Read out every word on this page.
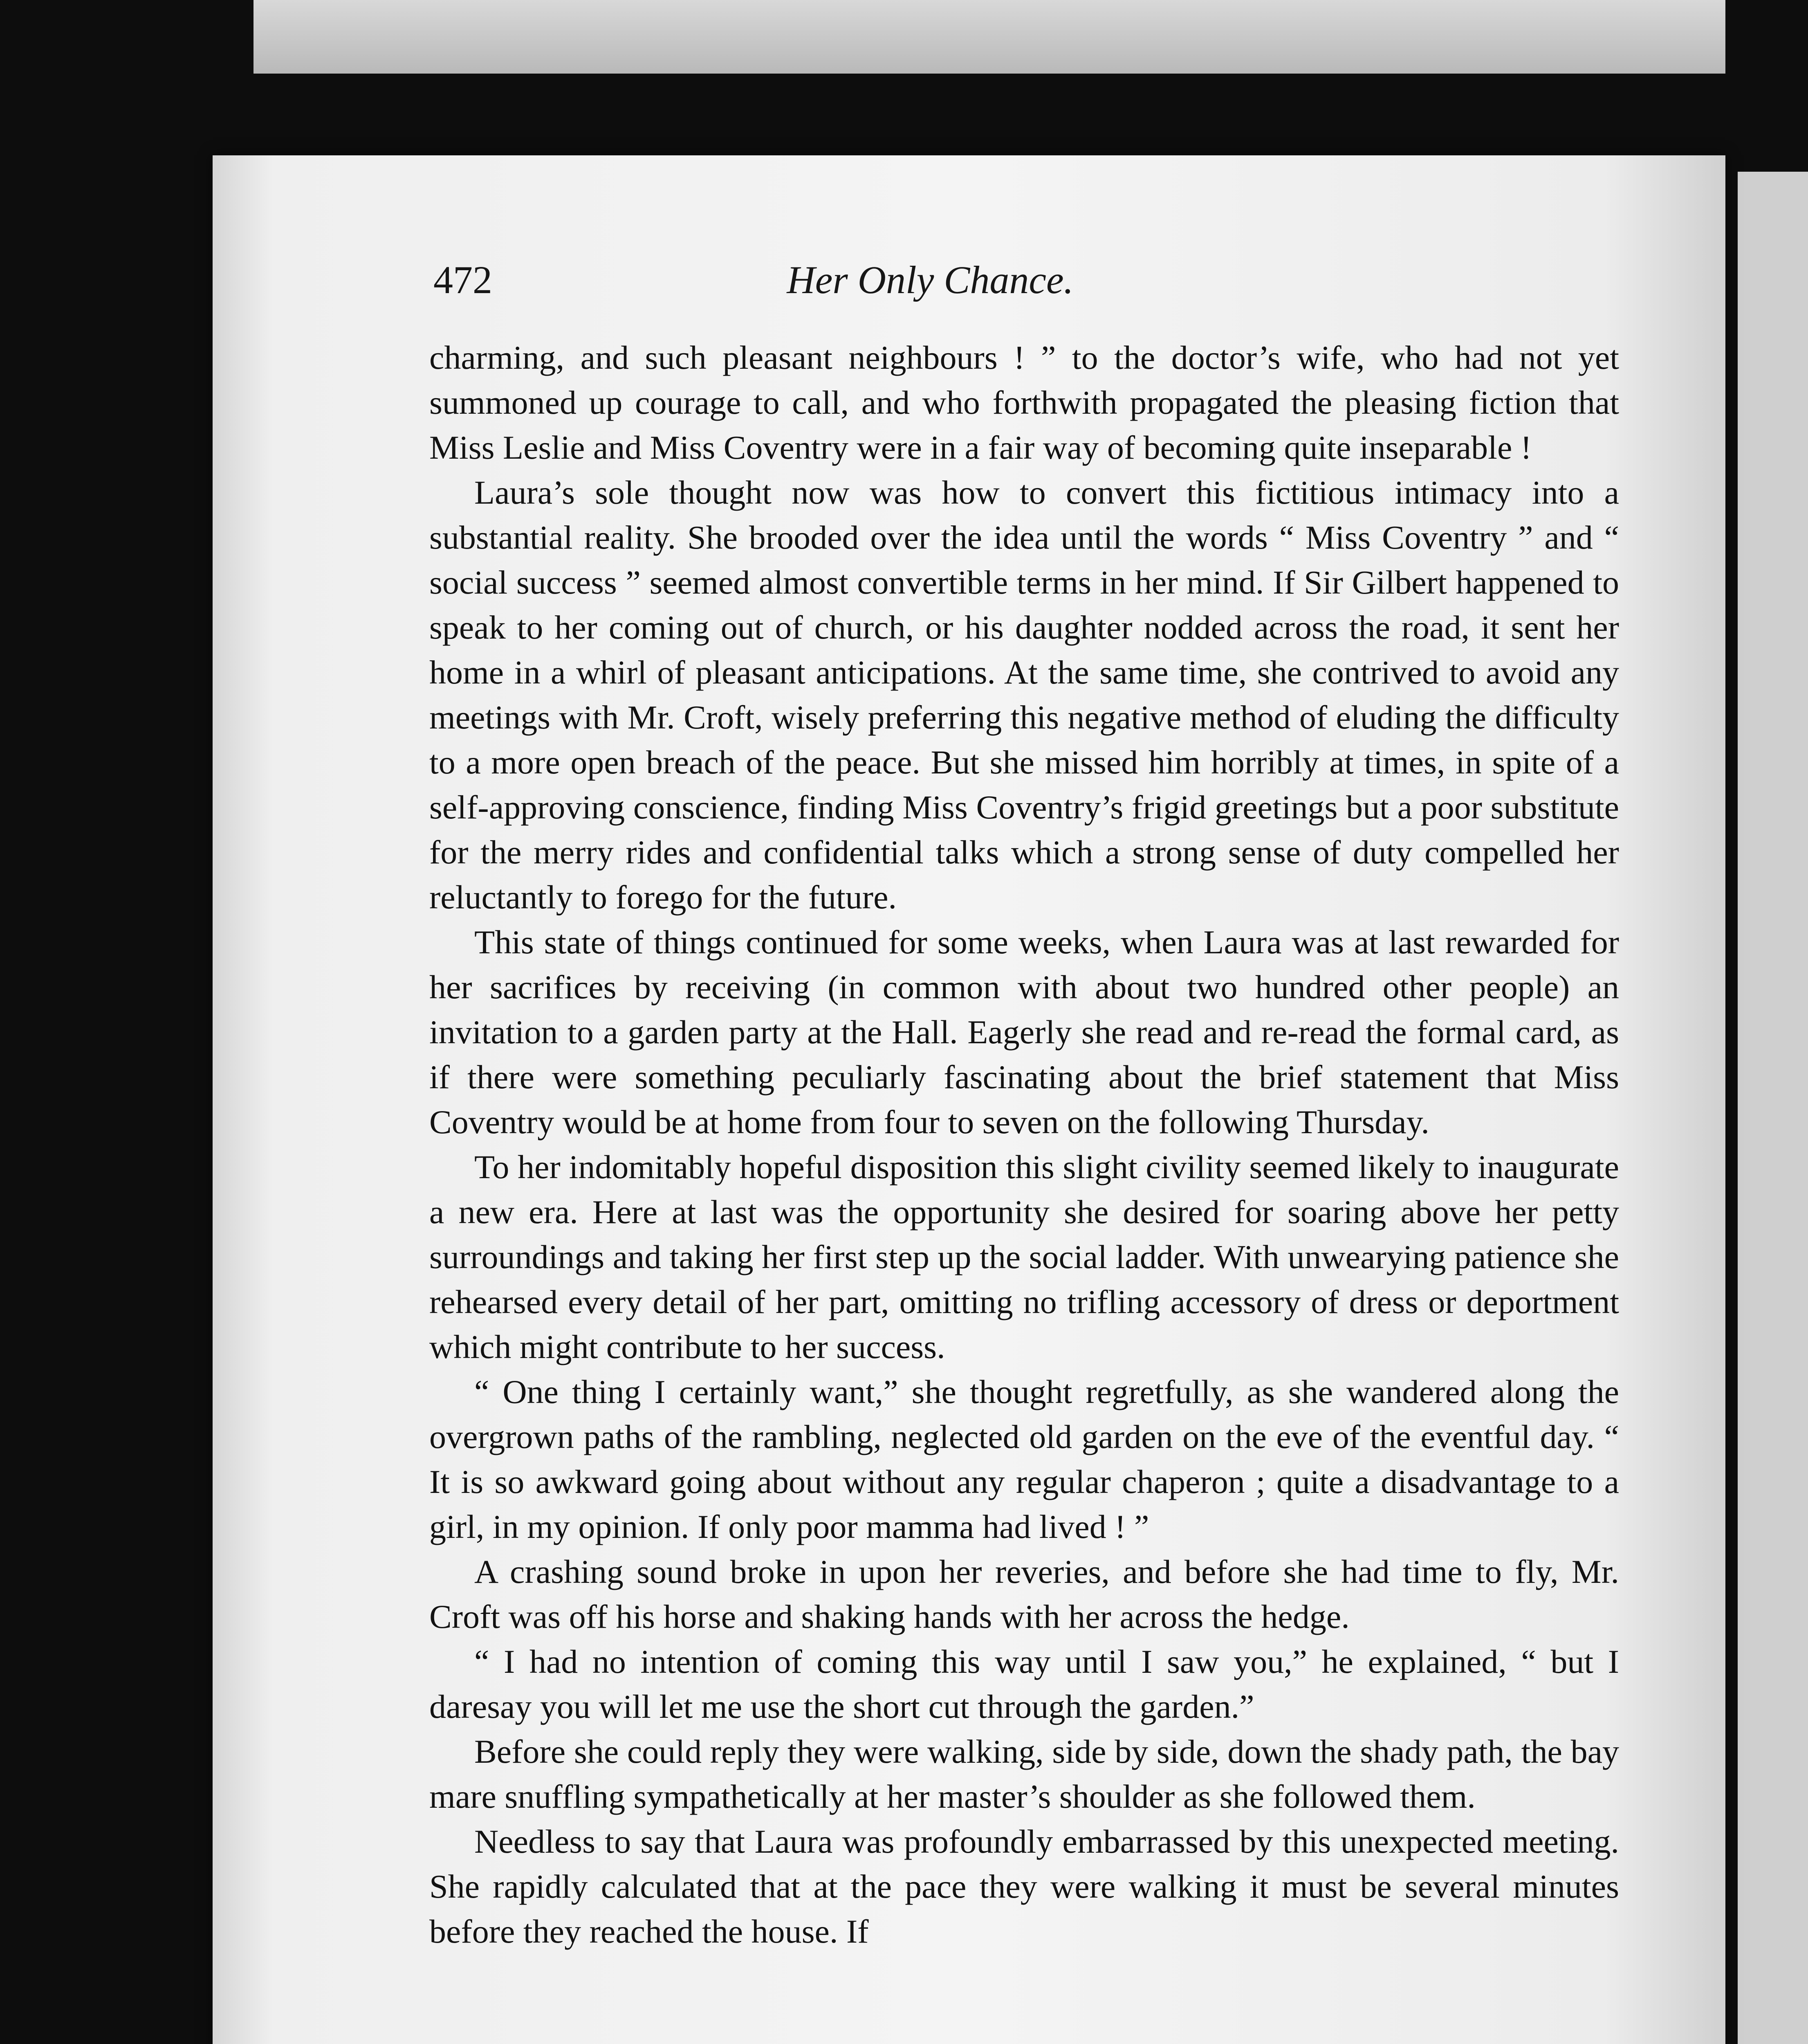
472	Her Only Chance.

charming, and such pleasant neighbours ! ” to the doctor’s wife, who had not yet summoned up courage to call, and who forthwith propagated the pleasing fiction that Miss Leslie and Miss Coventry were in a fair way of becoming quite inseparable !

Laura’s sole thought now was how to convert this fictitious intimacy into a substantial reality. She brooded over the idea until the words “ Miss Coventry ” and “ social success ” seemed almost convertible terms in her mind. If Sir Gilbert happened to speak to her coming out of church, or his daughter nodded across the road, it sent her home in a whirl of pleasant anticipations. At the same time, she contrived to avoid any meetings with Mr. Croft, wisely preferring this negative method of eluding the difficulty to a more open breach of the peace. But she missed him horribly at times, in spite of a self-approving conscience, finding Miss Coventry’s frigid greetings but a poor substitute for the merry rides and confidential talks which a strong sense of duty compelled her reluctantly to forego for the future.

This state of things continued for some weeks, when Laura was at last rewarded for her sacrifices by receiving (in common with about two hundred other people) an invitation to a garden party at the Hall. Eagerly she read and re-read the formal card, as if there were something peculiarly fascinating about the brief statement that Miss Coventry would be at home from four to seven on the following Thursday.

To her indomitably hopeful disposition this slight civility seemed likely to inaugurate a new era. Here at last was the opportunity she desired for soaring above her petty surroundings and taking her first step up the social ladder. With unwearying patience she rehearsed every detail of her part, omitting no trifling accessory of dress or deportment which might contribute to her success.

“ One thing I certainly want,” she thought regretfully, as she wandered along the overgrown paths of the rambling, neglected old garden on the eve of the eventful day. “ It is so awkward going about without any regular chaperon ; quite a disadvantage to a girl, in my opinion. If only poor mamma had lived ! ”

A crashing sound broke in upon her reveries, and before she had time to fly, Mr. Croft was off his horse and shaking hands with her across the hedge.

“ I had no intention of coming this way until I saw you,” he explained, “ but I daresay you will let me use the short cut through the garden.”

Before she could reply they were walking, side by side, down the shady path, the bay mare snuffling sympathetically at her master’s shoulder as she followed them.

Needless to say that Laura was profoundly embarrassed by this unexpected meeting. She rapidly calculated that at the pace they were walking it must be several minutes before they reached the house. If
